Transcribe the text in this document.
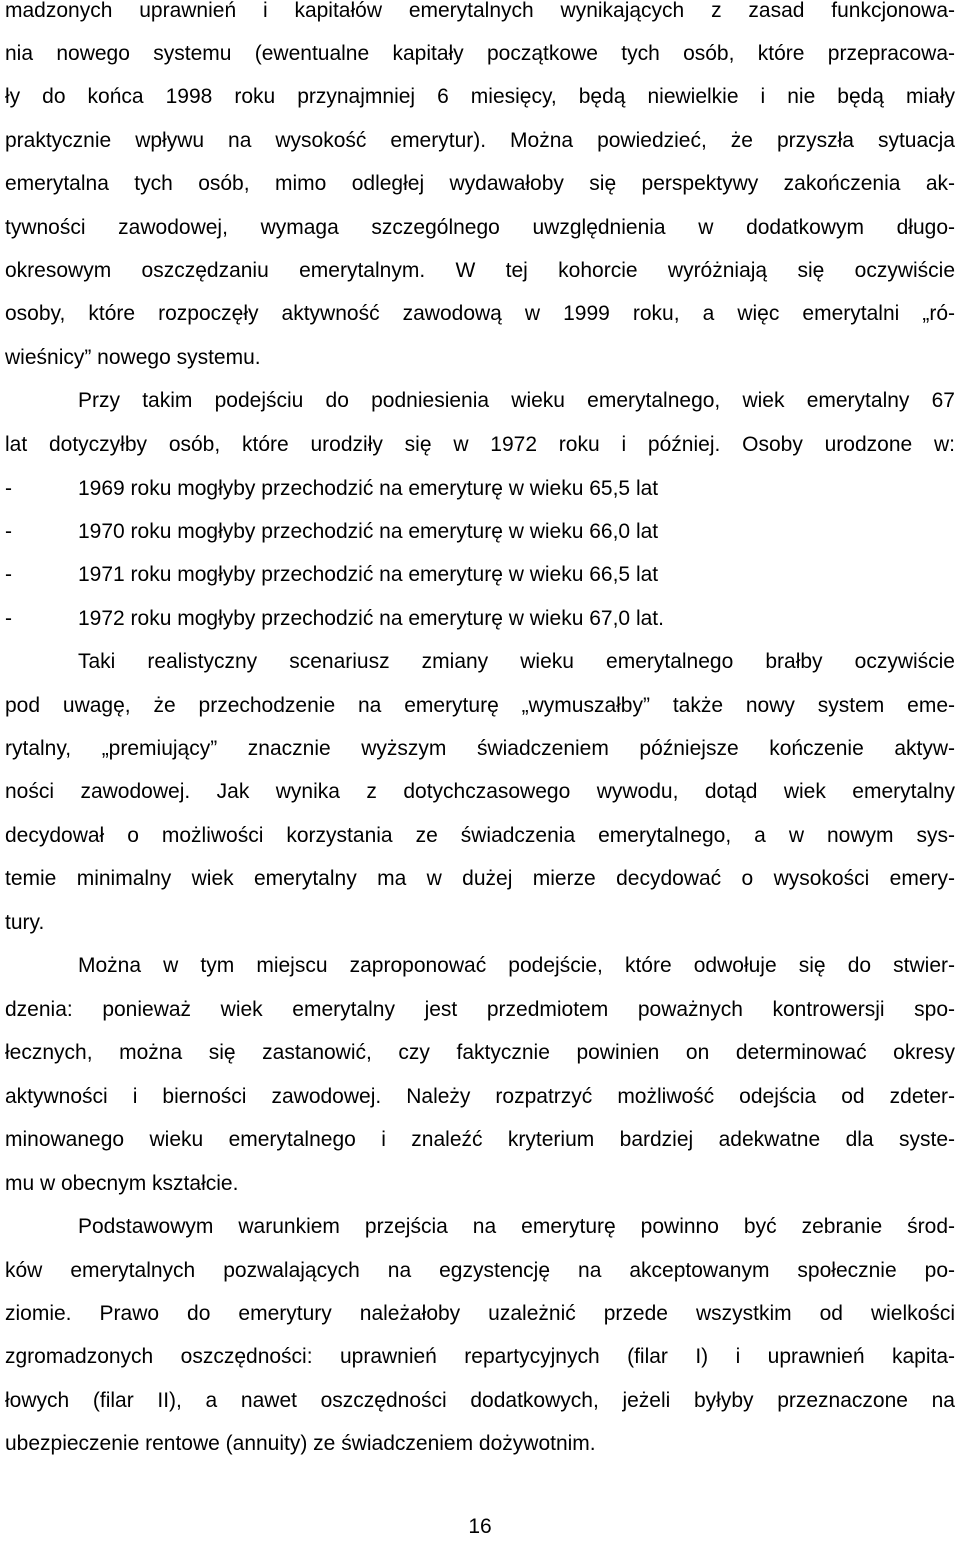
madzonych uprawnień i kapitałów emerytalnych wynikających z zasad funkcjonowa-
nia nowego systemu (ewentualne kapitały początkowe tych osób, które przepracowa-
ły do końca 1998 roku przynajmniej 6 miesięcy, będą niewielkie i nie będą miały
praktycznie wpływu na wysokość emerytur). Można powiedzieć, że przyszła sytuacja
emerytalna tych osób, mimo odległej wydawałoby się perspektywy zakończenia ak-
tywności zawodowej, wymaga szczególnego uwzględnienia w dodatkowym długo-
okresowym oszczędzaniu emerytalnym. W tej kohorcie wyróżniają się oczywiście
osoby, które rozpoczęły aktywność zawodową w 1999 roku, a więc emerytalni „ró-
wieśnicy” nowego systemu.
Przy takim podejściu do podniesienia wieku emerytalnego, wiek emerytalny 67
lat dotyczyłby osób, które urodziły się w 1972 roku i później. Osoby urodzone w:
-	1969 roku mogłyby przechodzić na emeryturę w wieku 65,5 lat
-	1970 roku mogłyby przechodzić na emeryturę w wieku 66,0 lat
-	1971 roku mogłyby przechodzić na emeryturę w wieku 66,5 lat
-	1972 roku mogłyby przechodzić na emeryturę w wieku 67,0 lat.
Taki realistyczny scenariusz zmiany wieku emerytalnego brałby oczywiście
pod uwagę, że przechodzenie na emeryturę „wymuszałby” także nowy system eme-
rytalny, „premiujący” znacznie wyższym świadczeniem późniejsze kończenie aktyw-
ności zawodowej. Jak wynika z dotychczasowego wywodu, dotąd wiek emerytalny
decydował o możliwości korzystania ze świadczenia emerytalnego, a w nowym sys-
temie minimalny wiek emerytalny ma w dużej mierze decydować o wysokości emery-
tury.
Można w tym miejscu zaproponować podejście, które odwołuje się do stwier-
dzenia: ponieważ wiek emerytalny jest przedmiotem poważnych kontrowersji spo-
łecznych, można się zastanowić, czy faktycznie powinien on determinować okresy
aktywności i bierności zawodowej. Należy rozpatrzyć możliwość odejścia od zdeter-
minowanego wieku emerytalnego i znaleźć kryterium bardziej adekwatne dla syste-
mu w obecnym kształcie.
Podstawowym warunkiem przejścia na emeryturę powinno być zebranie środ-
ków emerytalnych pozwalających na egzystencję na akceptowanym społecznie po-
ziomie. Prawo do emerytury należałoby uzależnić przede wszystkim od wielkości
zgromadzonych oszczędności: uprawnień repartycyjnych (filar I) i uprawnień kapita-
łowych (filar II), a nawet oszczędności dodatkowych, jeżeli byłyby przeznaczone na
ubezpieczenie rentowe (annuity) ze świadczeniem dożywotnim.
16
